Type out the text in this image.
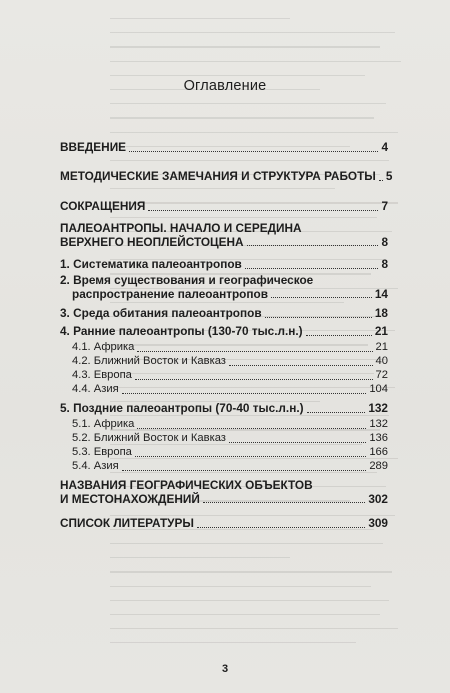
Оглавление
ВВЕДЕНИЕ	4
МЕТОДИЧЕСКИЕ ЗАМЕЧАНИЯ И СТРУКТУРА РАБОТЫ 5
СОКРАЩЕНИЯ	7
ПАЛЕОАНТРОПЫ. НАЧАЛО И СЕРЕДИНА
ВЕРХНЕГО НЕОПЛЕЙСТОЦЕНА	8
1. Систематика палеоантропов	8
2. Время существования и географическое
распространение палеоантропов	14
3. Среда обитания палеоантропов	18
4. Ранние палеоантропы (130-70 тыс.л.н.)	21
4.1. Африка	21
4.2. Ближний Восток и Кавказ	40
4.3. Европа	72
4.4. Азия	104
5. Поздние палеоантропы (70-40 тыс.л.н.)	132
5.1. Африка	132
5.2. Ближний Восток и Кавказ	136
5.3. Европа	166
5.4. Азия	289
НАЗВАНИЯ ГЕОГРАФИЧЕСКИХ ОБЪЕКТОВ
И МЕСТОНАХОЖДЕНИЙ	302
СПИСОК ЛИТЕРАТУРЫ	309
3
